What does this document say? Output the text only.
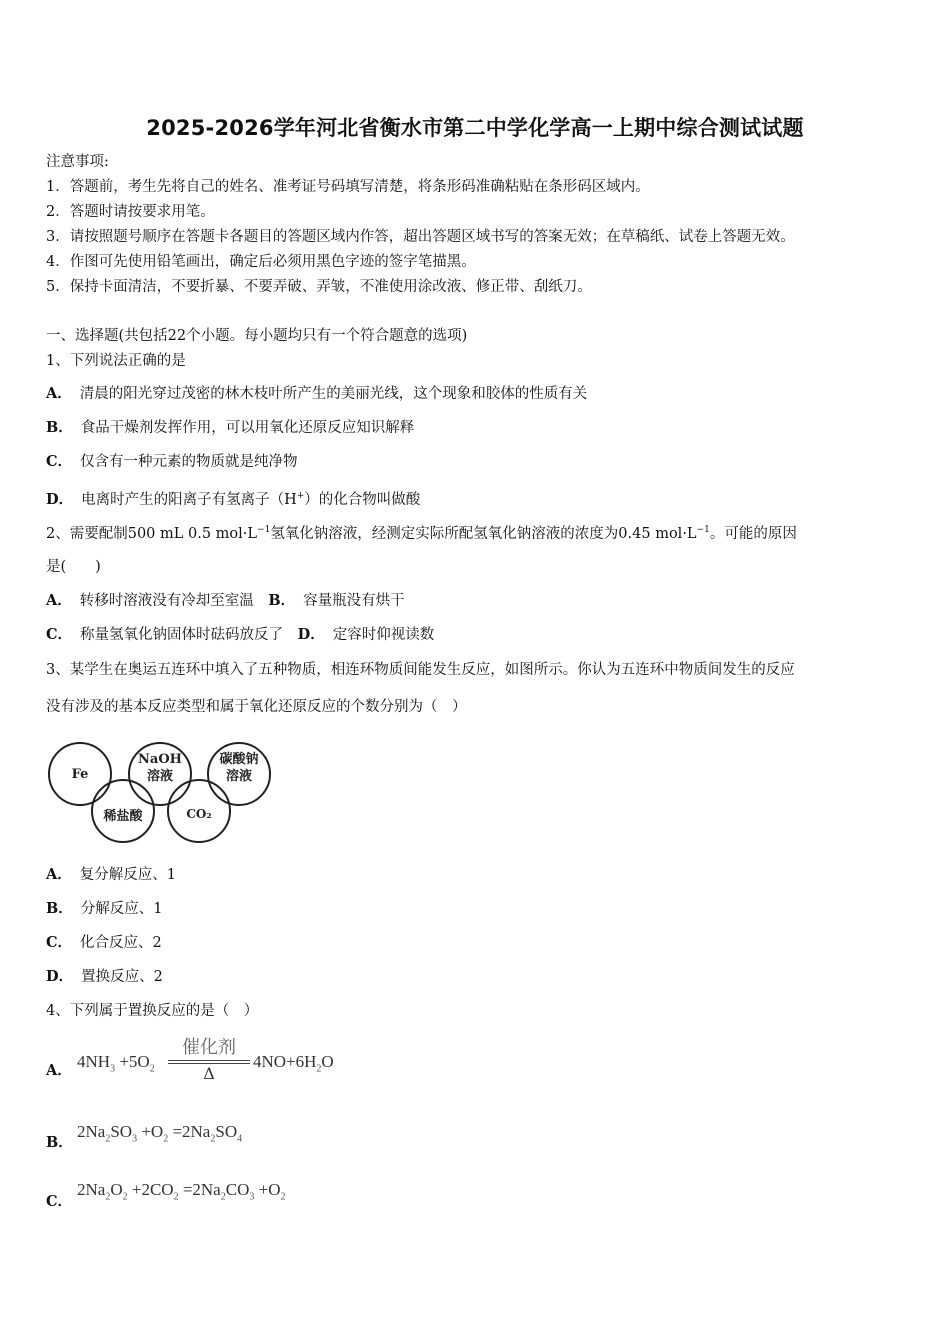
2025-2026学年河北省衡水市第二中学化学高一上期中综合测试试题
注意事项:
1．答题前，考生先将自己的姓名、准考证号码填写清楚，将条形码准确粘贴在条形码区域内。
2．答题时请按要求用笔。
3．请按照题号顺序在答题卡各题目的答题区域内作答，超出答题区域书写的答案无效；在草稿纸、试卷上答题无效。
4．作图可先使用铅笔画出，确定后必须用黑色字迹的签字笔描黑。
5．保持卡面清洁，不要折暴、不要弄破、弄皱，不准使用涂改液、修正带、刮纸刀。
一、选择题(共包括22个小题。每小题均只有一个符合题意的选项)
1、下列说法正确的是
A． 清晨的阳光穿过茂密的林木枝叶所产生的美丽光线，这个现象和胶体的性质有关
B． 食品干燥剂发挥作用，可以用氧化还原反应知识解释
C． 仅含有一种元素的物质就是纯净物
D． 电离时产生的阳离子有氢离子（H+）的化合物叫做酸
2、需要配制500 mL 0.5 $mol\cdot L^{-1}$氢氧化钠溶液，经测定实际所配氢氧化钠溶液的浓度为0.45 $mol\cdot L^{-1}$。可能的原因
是(　　)
A． 转移时溶液没有冷却至室温 B． 容量瓶没有烘干
C． 称量氢氧化钠固体时砝码放反了 D． 定容时仰视读数
3、某学生在奥运五连环中填入了五种物质，相连环物质间能发生反应，如图所示。你认为五连环中物质间发生的反应
没有涉及的基本反应类型和属于氧化还原反应的个数分别为（　）
Fe
NaOH
溶液
碳酸钠
溶液
稀盐酸	CO₂
A． 复分解反应、1
B． 分解反应、1
C． 化合反应、2
D． 置换反应、2
4、下列属于置换反应的是（　）
A． $4NH_3 +5O_2$
催化剂
Δ
$4NO+6H_2O$
B．
$2Na_2SO_3 +O_2 =2Na_2SO_4$
C．
$2Na_2O_2 +2CO_2 =2Na_2CO_3 +O_2$
